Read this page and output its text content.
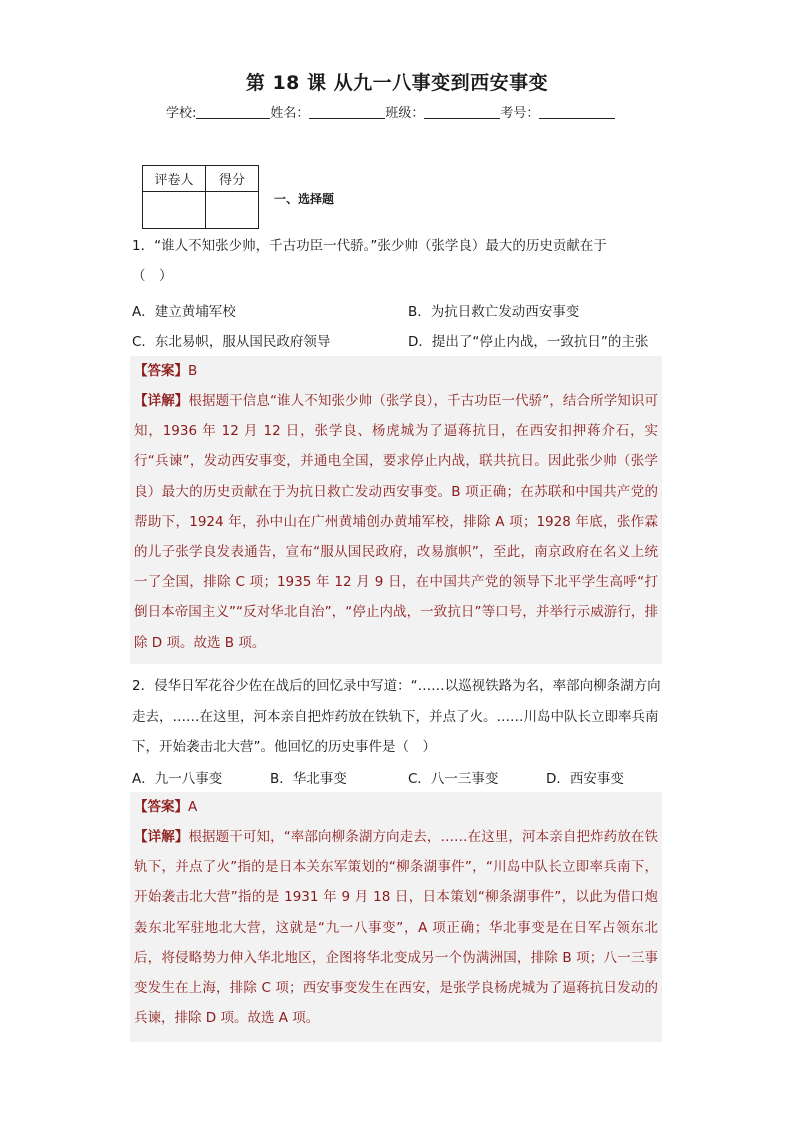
第 18 课 从九一八事变到西安事变
学校:	姓名：	班级：	考号：
评卷人	得分

一、选择题
1．“谁人不知张少帅，千古功臣一代骄。”张少帅（张学良）最大的历史贡献在于
（　）
A．建立黄埔军校	B．为抗日救亡发动西安事变
C．东北易帜，服从国民政府领导	D．提出了“停止内战，一致抗日”的主张
【答案】B

【详解】根据题干信息“谁人不知张少帅（张学良），千古功臣一代骄”，结合所学知识可知，1936 年 12 月 12 日，张学良、杨虎城为了逼蒋抗日，在西安扣押蒋介石，实行“兵谏”，发动西安事变，并通电全国，要求停止内战，联共抗日。因此张少帅（张学良）最大的历史贡献在于为抗日救亡发动西安事变。B 项正确；在苏联和中国共产党的帮助下，1924 年，孙中山在广州黄埔创办黄埔军校，排除 A 项；1928 年底，张作霖的儿子张学良发表通告，宣布“服从国民政府，改易旗帜”，至此，南京政府在名义上统一了全国，排除 C 项；1935 年 12 月 9 日，在中国共产党的领导下北平学生高呼“打倒日本帝国主义”“反对华北自治”，“停止内战，一致抗日”等口号，并举行示威游行，排除 D 项。故选 B 项。

2．侵华日军花谷少佐在战后的回忆录中写道：“……以巡视铁路为名，率部向柳条湖方向走去，……在这里，河本亲自把炸药放在铁轨下，并点了火。……川岛中队长立即率兵南下，开始袭击北大营”。他回忆的历史事件是（　）
A．九一八事变	B．华北事变	C．八一三事变	D．西安事变
【答案】A

【详解】根据题干可知，“率部向柳条湖方向走去，……在这里，河本亲自把炸药放在铁轨下，并点了火”指的是日本关东军策划的“柳条湖事件”，“川岛中队长立即率兵南下，开始袭击北大营”指的是 1931 年 9 月 18 日，日本策划“柳条湖事件”，以此为借口炮轰东北军驻地北大营，这就是“九一八事变”，A 项正确；华北事变是在日军占领东北后，将侵略势力伸入华北地区，企图将华北变成另一个伪满洲国，排除 B 项；八一三事变发生在上海，排除 C 项；西安事变发生在西安，是张学良杨虎城为了逼蒋抗日发动的兵谏，排除 D 项。故选 A 项。
